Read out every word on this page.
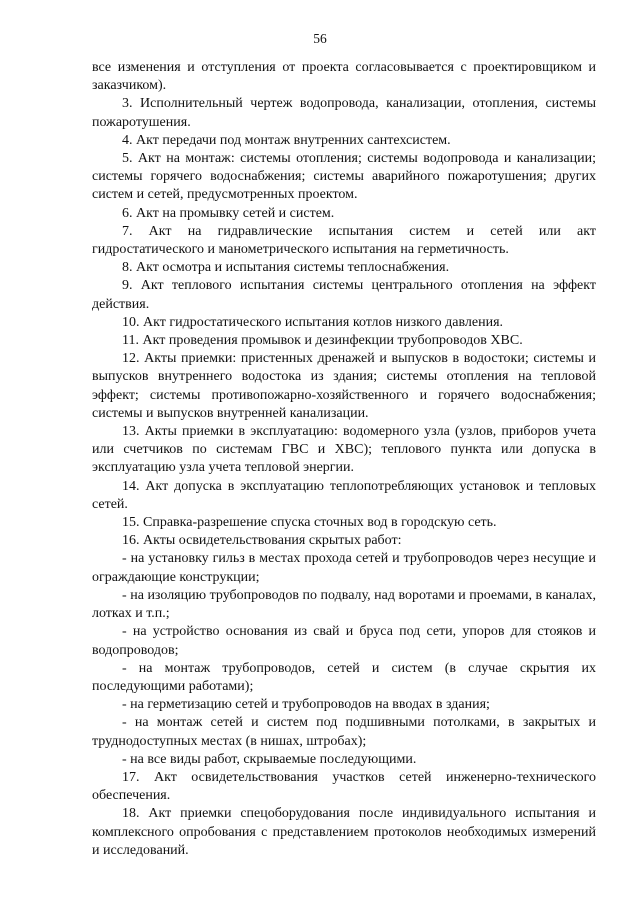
56

все изменения и отступления от проекта согласовывается с проектировщиком и заказчиком).

3. Исполнительный чертеж водопровода, канализации, отопления, системы пожаротушения.

4. Акт передачи под монтаж внутренних сантехсистем.

5. Акт на монтаж: системы отопления; системы водопровода и канализации; системы горячего водоснабжения; системы аварийного пожаротушения; других систем и сетей, предусмотренных проектом.

6. Акт на промывку сетей и систем.

7. Акт на гидравлические испытания систем и сетей или акт гидростатического и манометрического испытания на герметичность.

8. Акт осмотра и испытания системы теплоснабжения.

9. Акт теплового испытания системы центрального отопления на эффект действия.

10. Акт гидростатического испытания котлов низкого давления.

11. Акт проведения промывок и дезинфекции трубопроводов ХВС.

12. Акты приемки: пристенных дренажей и выпусков в водостоки; системы и выпусков внутреннего водостока из здания; системы отопления на тепловой эффект; системы противопожарно-хозяйственного и горячего водоснабжения; системы и выпусков внутренней канализации.

13. Акты приемки в эксплуатацию: водомерного узла (узлов, приборов учета или счетчиков по системам ГВС и ХВС); теплового пункта или допуска в эксплуатацию узла учета тепловой энергии.

14. Акт допуска в эксплуатацию теплопотребляющих установок и тепловых сетей.

15. Справка-разрешение спуска сточных вод в городскую сеть.

16. Акты освидетельствования скрытых работ:

- на установку гильз в местах прохода сетей и трубопроводов через несущие и ограждающие конструкции;

- на изоляцию трубопроводов по подвалу, над воротами и проемами, в каналах, лотках и т.п.;

- на устройство основания из свай и бруса под сети, упоров для стояков и водопроводов;

- на монтаж трубопроводов, сетей и систем (в случае скрытия их последующими работами);

- на герметизацию сетей и трубопроводов на вводах в здания;

- на монтаж сетей и систем под подшивными потолками, в закрытых и труднодоступных местах (в нишах, штробах);

- на все виды работ, скрываемые последующими.

17. Акт освидетельствования участков сетей инженерно-технического обеспечения.

18. Акт приемки спецоборудования после индивидуального испытания и комплексного опробования с представлением протоколов необходимых измерений и исследований.
